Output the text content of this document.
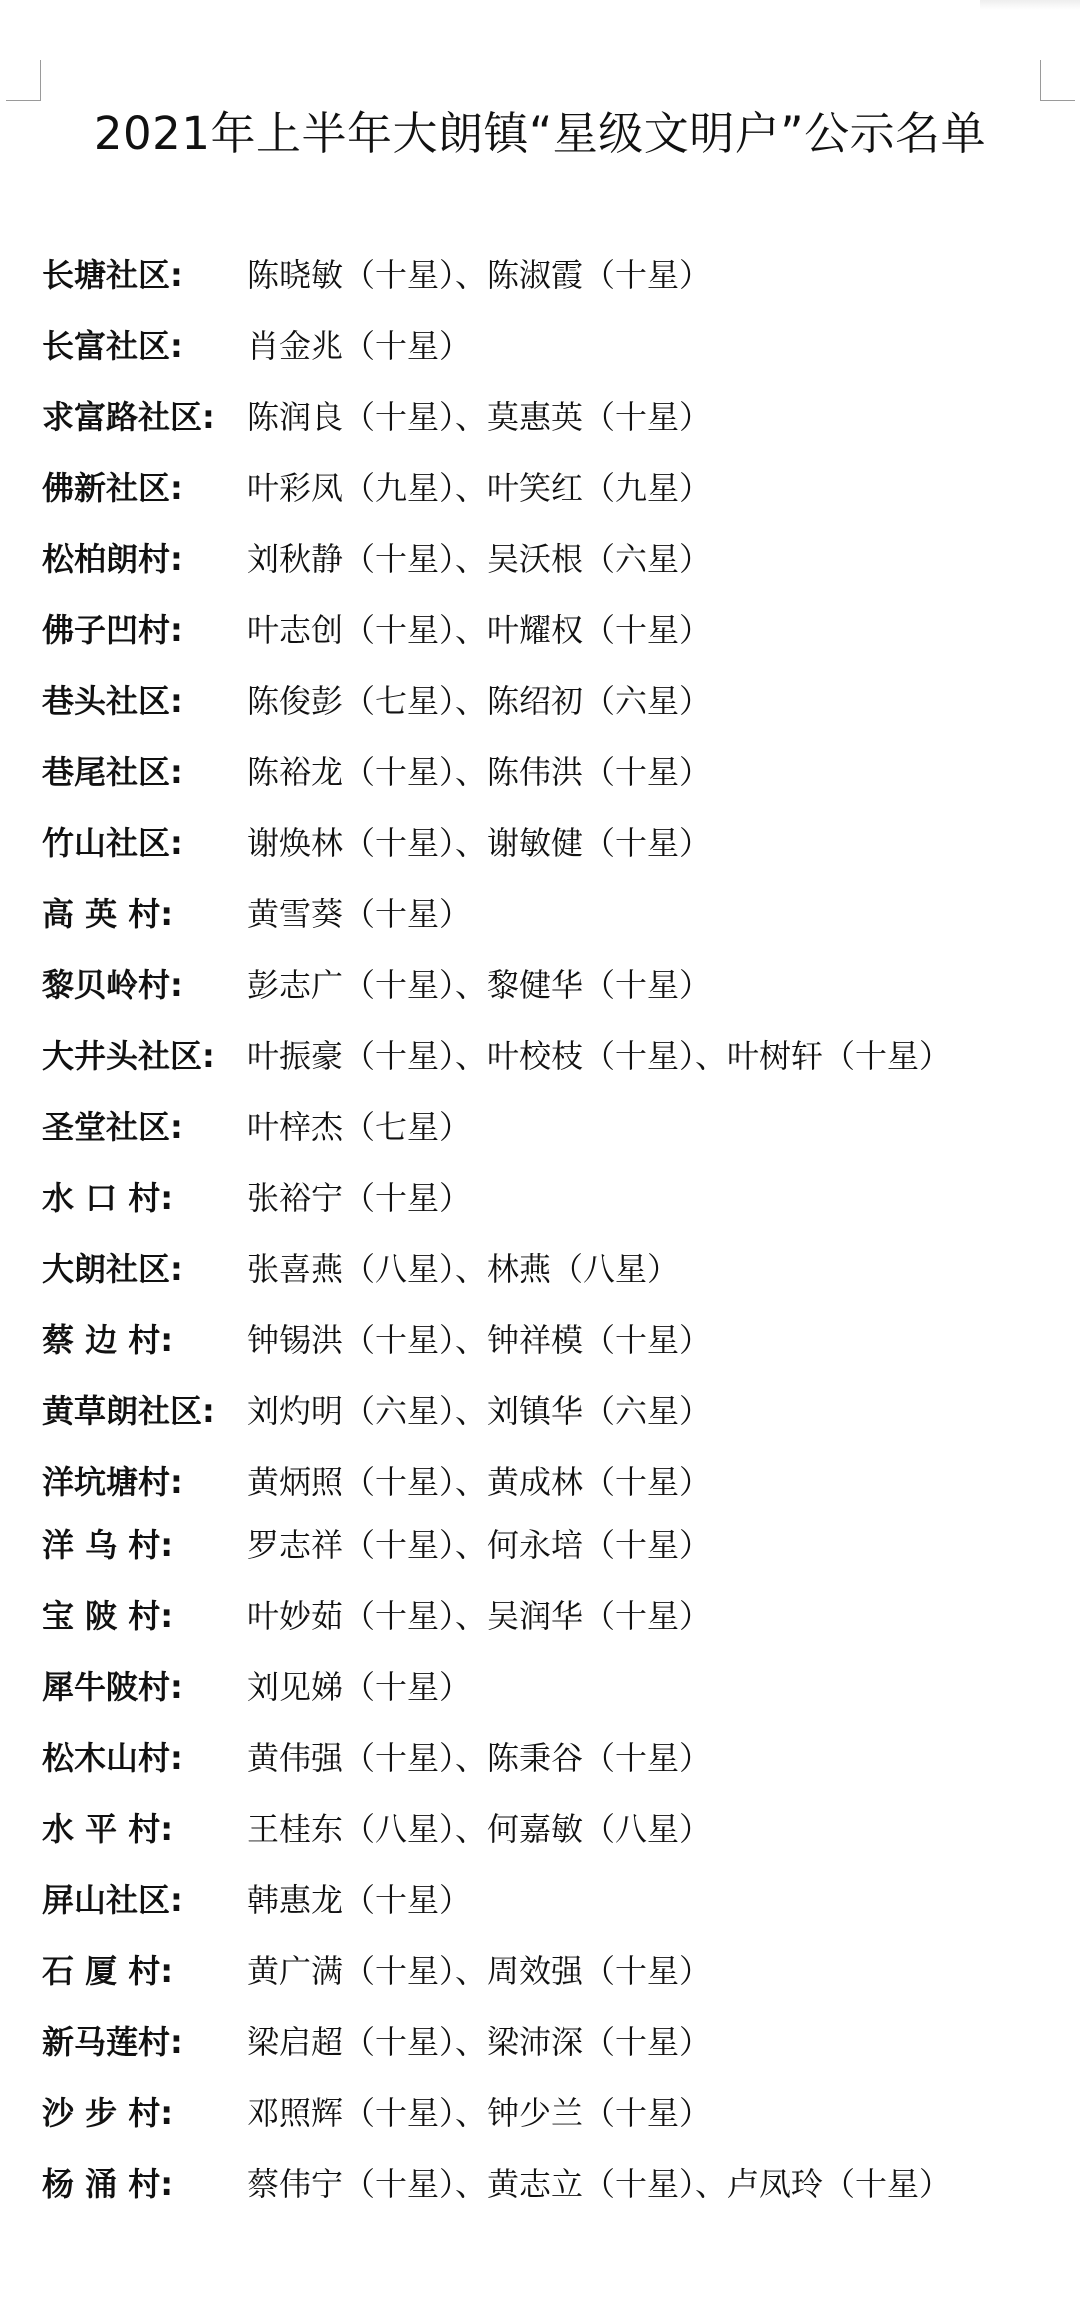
2021年上半年大朗镇“星级文明户”公示名单
长塘社区: 陈晓敏（十星）、陈淑霞（十星）
长富社区: 肖金兆（十星）
求富路社区: 陈润良（十星）、莫惠英（十星）
佛新社区: 叶彩凤（九星）、叶笑红（九星）
松柏朗村: 刘秋静（十星）、吴沃根（六星）
佛子凹村: 叶志创（十星）、叶耀权（十星）
巷头社区: 陈俊彭（七星）、陈绍初（六星）
巷尾社区: 陈裕龙（十星）、陈伟洪（十星）
竹山社区: 谢焕林（十星）、谢敏健（十星）
高 英 村: 黄雪葵（十星）
黎贝岭村: 彭志广（十星）、黎健华（十星）
大井头社区: 叶振豪（十星）、叶校枝（十星）、叶树轩（十星）
圣堂社区: 叶梓杰（七星）
水 口 村: 张裕宁（十星）
大朗社区: 张喜燕（八星）、林燕（八星）
蔡 边 村: 钟锡洪（十星）、钟祥模（十星）
黄草朗社区: 刘灼明（六星）、刘镇华（六星）
洋坑塘村: 黄炳照（十星）、黄成林（十星）
洋 乌 村: 罗志祥（十星）、何永培（十星）
宝 陂 村: 叶妙茹（十星）、吴润华（十星）
犀牛陂村: 刘见娣（十星）
松木山村: 黄伟强（十星）、陈秉谷（十星）
水 平 村: 王桂东（八星）、何嘉敏（八星）
屏山社区: 韩惠龙（十星）
石 厦 村: 黄广满（十星）、周效强（十星）
新马莲村: 梁启超（十星）、梁沛深（十星）
沙 步 村: 邓照辉（十星）、钟少兰（十星）
杨 涌 村: 蔡伟宁（十星）、黄志立（十星）、卢凤玲（十星）
